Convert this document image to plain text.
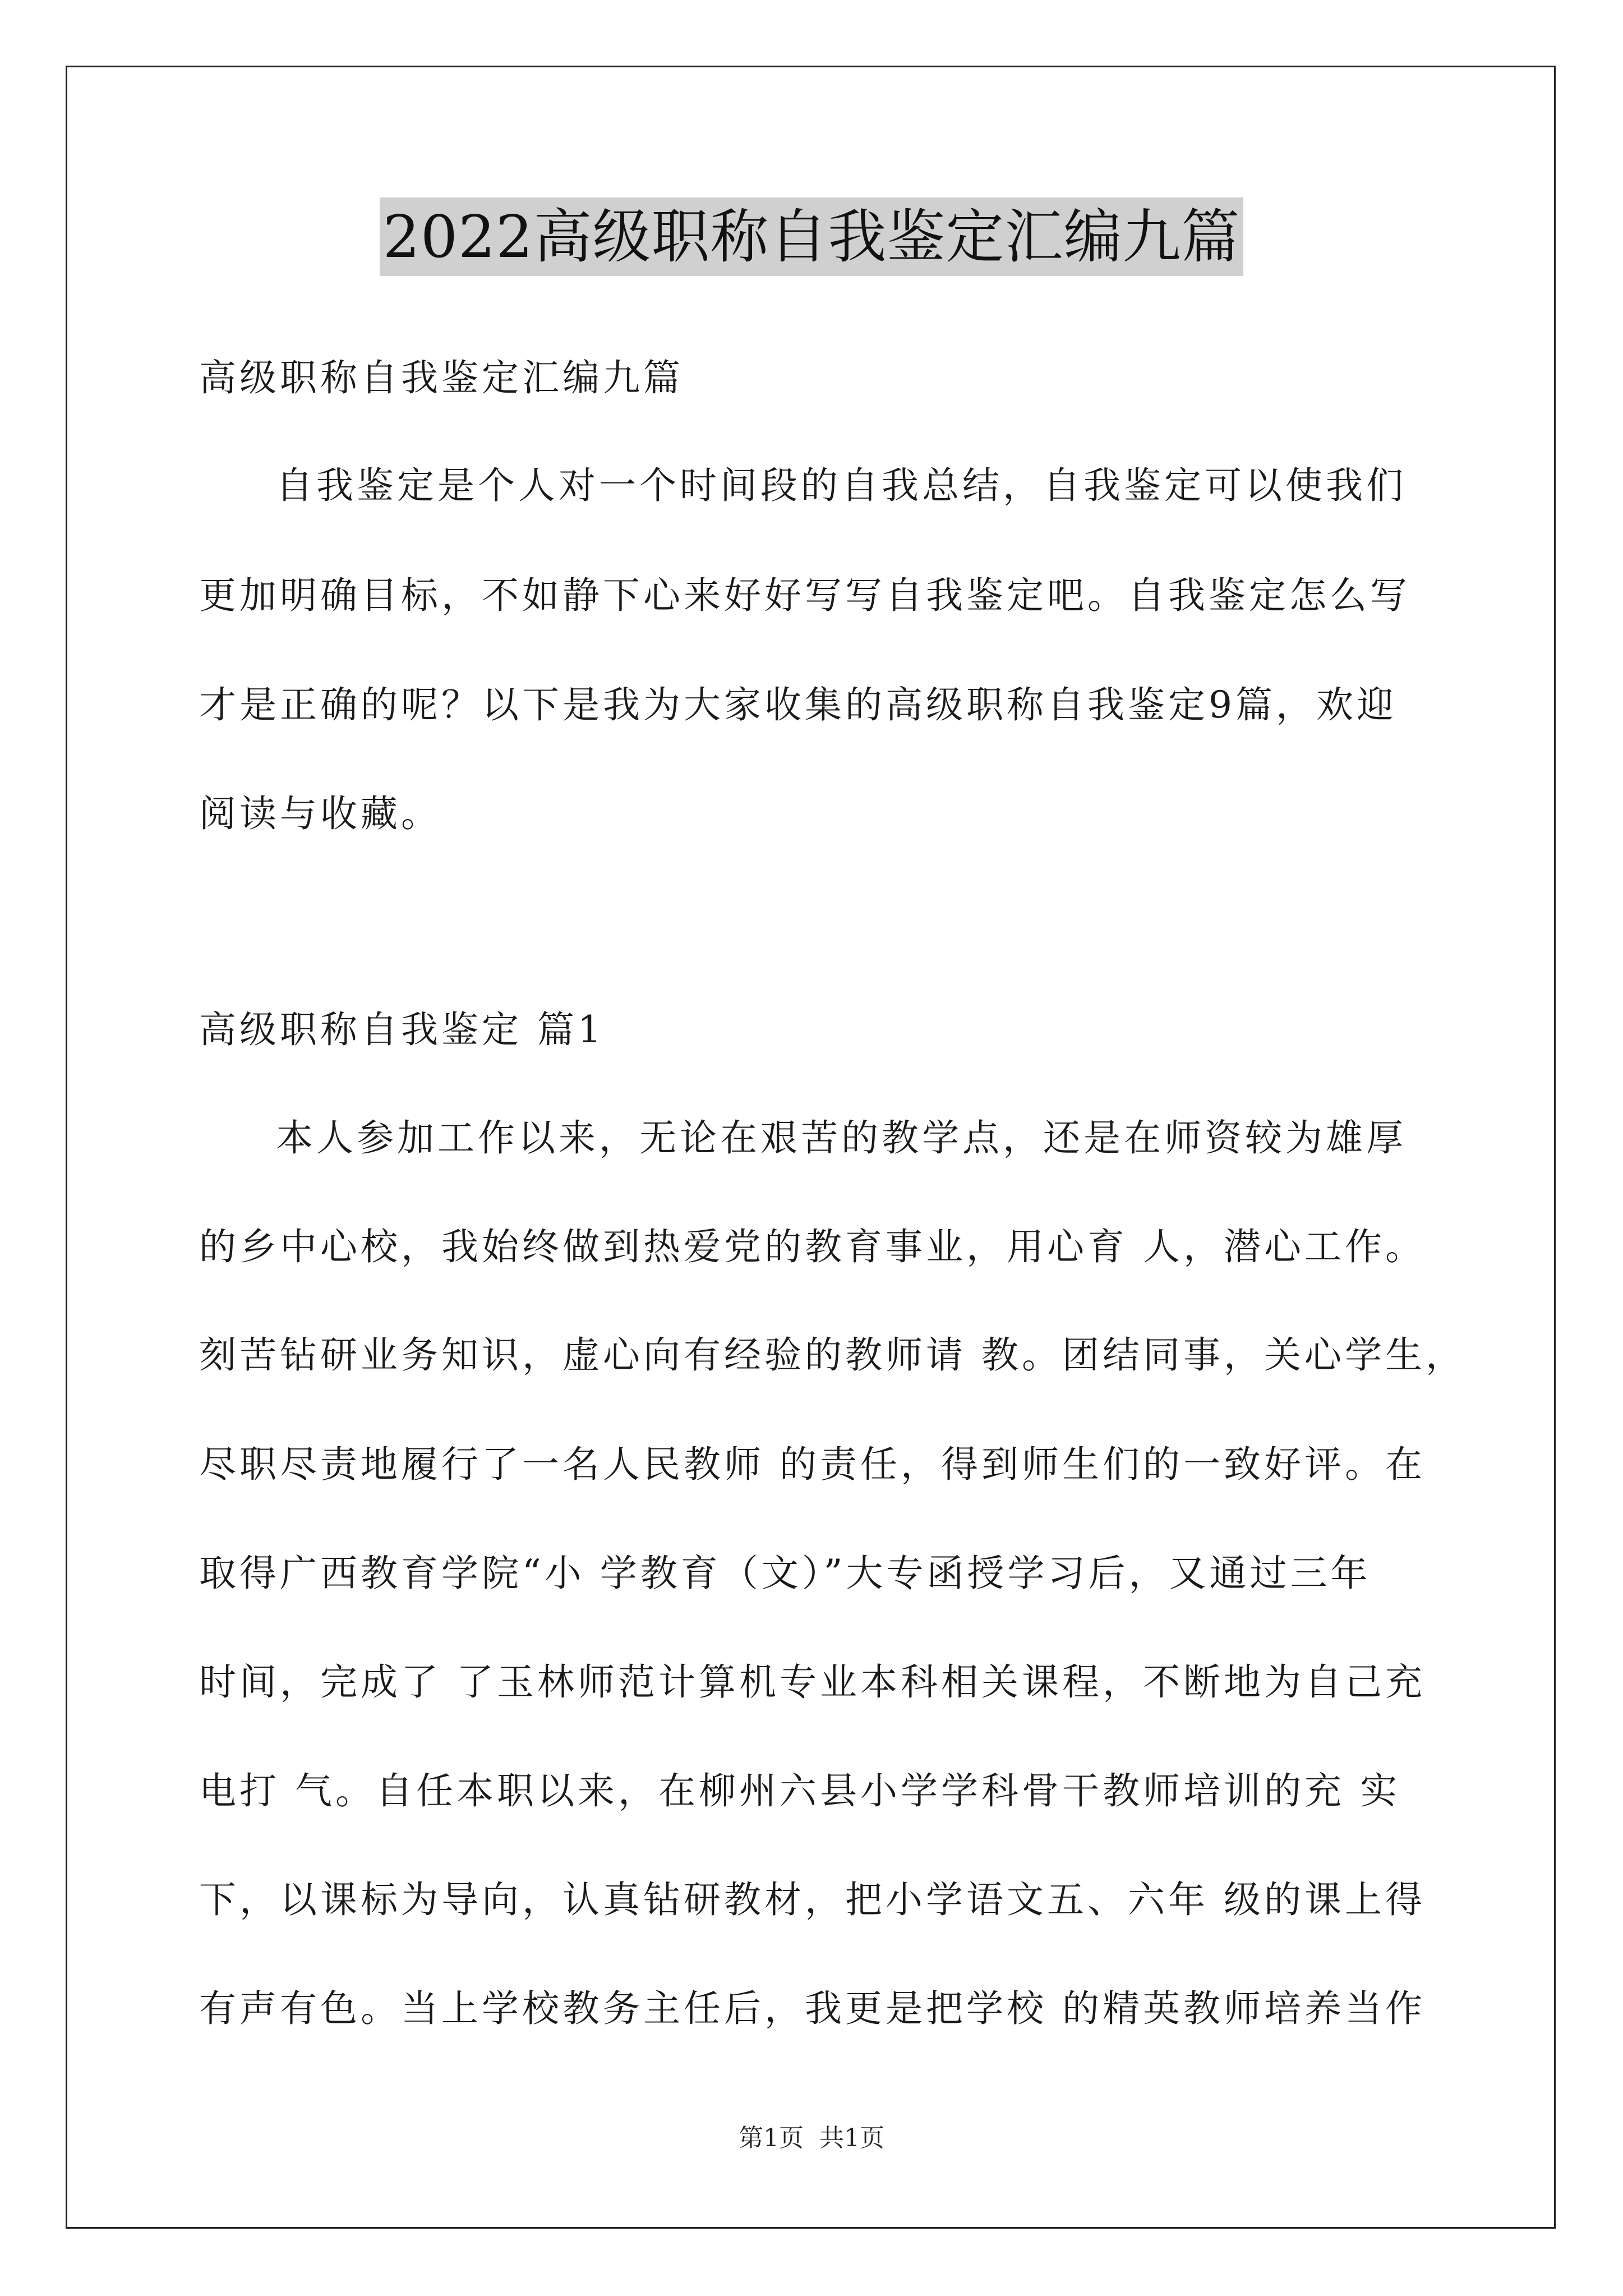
2022高级职称自我鉴定汇编九篇
高级职称自我鉴定汇编九篇
自我鉴定是个人对一个时间段的自我总结，自我鉴定可以使我们
更加明确目标，不如静下心来好好写写自我鉴定吧。自我鉴定怎么写
才是正确的呢？以下是我为大家收集的高级职称自我鉴定9篇，欢迎
阅读与收藏。
高级职称自我鉴定 篇1
本人参加工作以来，无论在艰苦的教学点，还是在师资较为雄厚
的乡中心校，我始终做到热爱党的教育事业，用心育 人，潜心工作。
刻苦钻研业务知识，虚心向有经验的教师请 教。团结同事，关心学生，
尽职尽责地履行了一名人民教师 的责任，得到师生们的一致好评。在
取得广西教育学院“小 学教育（文）”大专函授学习后，又通过三年
时间，完成了 了玉林师范计算机专业本科相关课程，不断地为自己充
电打 气。自任本职以来，在柳州六县小学学科骨干教师培训的充 实
下，以课标为导向，认真钻研教材，把小学语文五、六年 级的课上得
有声有色。当上学校教务主任后，我更是把学校 的精英教师培养当作
第1页 共1页
